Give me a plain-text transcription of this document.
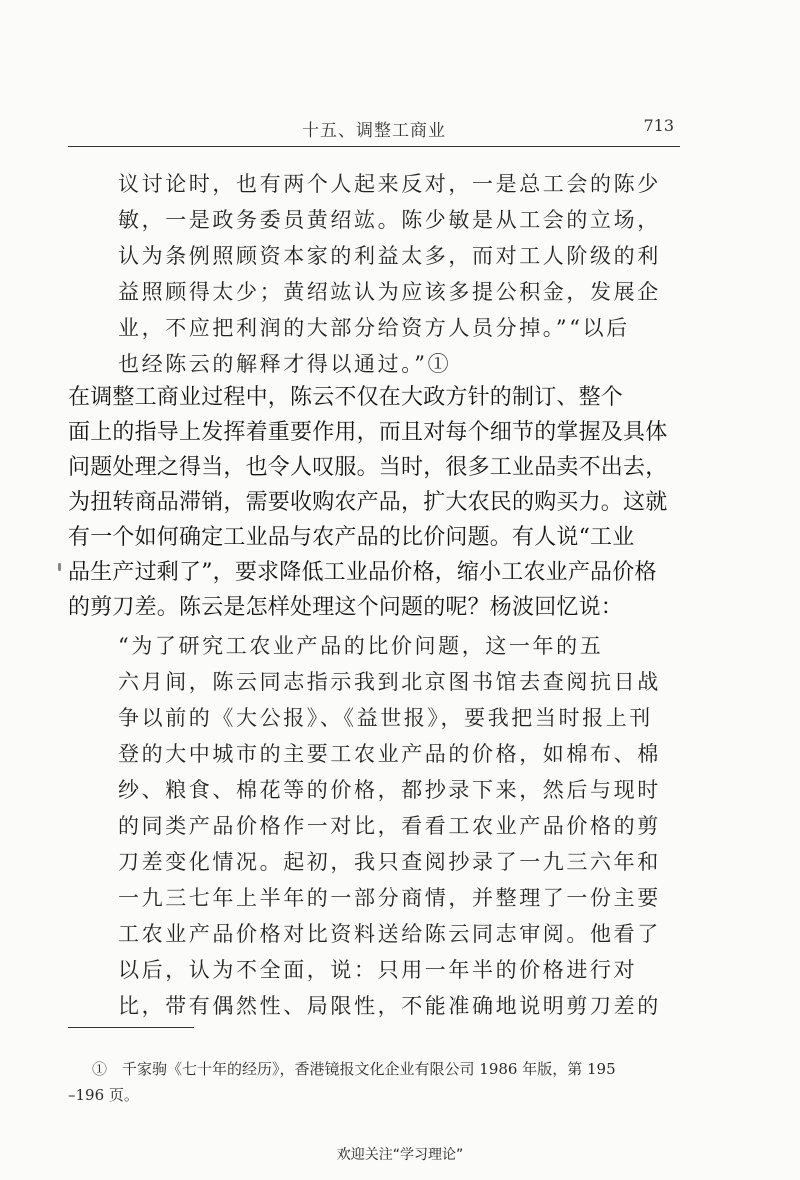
十五、调整工商业	713
议讨论时，也有两个人起来反对，一是总工会的陈少
敏，一是政务委员黄绍竑。陈少敏是从工会的立场，
认为条例照顾资本家的利益太多，而对工人阶级的利
益照顾得太少；黄绍竑认为应该多提公积金，发展企
业，不应把利润的大部分给资方人员分掉。”“以后
也经陈云的解释才得以通过。”①
在调整工商业过程中，陈云不仅在大政方针的制订、整个
面上的指导上发挥着重要作用，而且对每个细节的掌握及具体
问题处理之得当，也令人叹服。当时，很多工业品卖不出去，
为扭转商品滞销，需要收购农产品，扩大农民的购买力。这就
有一个如何确定工业品与农产品的比价问题。有人说“工业
品生产过剩了”，要求降低工业品价格，缩小工农业产品价格
的剪刀差。陈云是怎样处理这个问题的呢？杨波回忆说：
“为了研究工农业产品的比价问题，这一年的五
六月间，陈云同志指示我到北京图书馆去查阅抗日战
争以前的《大公报》、《益世报》，要我把当时报上刊
登的大中城市的主要工农业产品的价格，如棉布、棉
纱、粮食、棉花等的价格，都抄录下来，然后与现时
的同类产品价格作一对比，看看工农业产品价格的剪
刀差变化情况。起初，我只查阅抄录了一九三六年和
一九三七年上半年的一部分商情，并整理了一份主要
工农业产品价格对比资料送给陈云同志审阅。他看了
以后，认为不全面，说：只用一年半的价格进行对
比，带有偶然性、局限性，不能准确地说明剪刀差的
①　千家驹《七十年的经历》，香港镜报文化企业有限公司 1986 年版，第 195
–196 页。
欢迎关注“学习理论”
